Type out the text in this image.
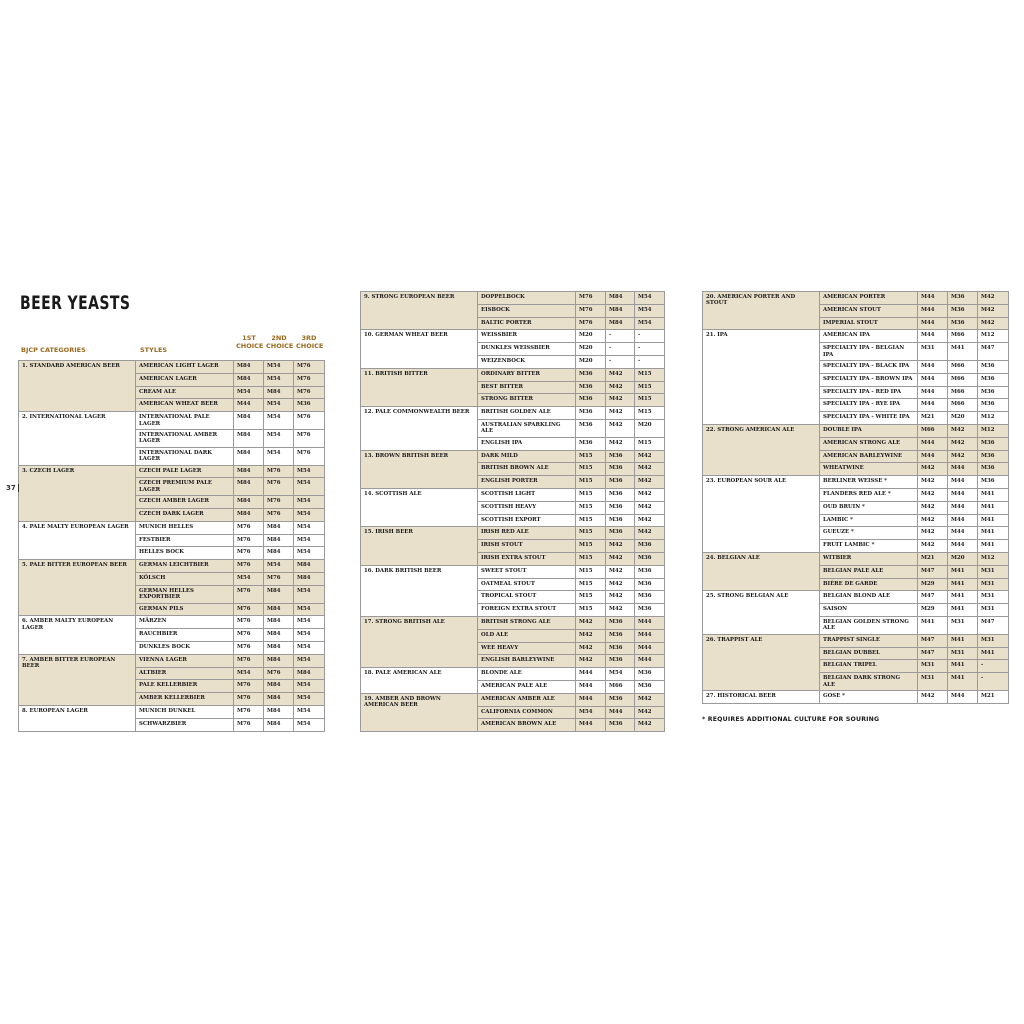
BEER YEASTS
BJCP CATEGORIES	STYLES
1ST CHOICE
2ND CHOICE
3RD CHOICE
1. STANDARD AMERICAN BEER	AMERICAN LIGHT LAGER	M84	M54	M76
	AMERICAN LAGER	M84	M54	M76
	CREAM ALE	M54	M84	M76
	AMERICAN WHEAT BEER	M44	M54	M36
2. INTERNATIONAL LAGER	INTERNATIONAL PALE LAGER	M84	M54	M76
	INTERNATIONAL AMBER LAGER	M84	M54	M76
	INTERNATIONAL DARK LAGER	M84	M54	M76
3. CZECH LAGER	CZECH PALE LAGER	M84	M76	M54
	CZECH PREMIUM PALE LAGER	M84	M76	M54
	CZECH AMBER LAGER	M84	M76	M54
	CZECH DARK LAGER	M84	M76	M54
4. PALE MALTY EUROPEAN LAGER	MUNICH HELLES	M76	M84	M54
	FESTBIER	M76	M84	M54
	HELLES BOCK	M76	M84	M54
5. PALE BITTER EUROPEAN BEER	GERMAN LEICHTBIER	M76	M54	M84
	KÖLSCH	M54	M76	M84
	GERMAN HELLES EXPORTBIER	M76	M84	M54
	GERMAN PILS	M76	M84	M54
6. AMBER MALTY EUROPEAN LAGER	MÄRZEN	M76	M84	M54
	RAUCHBIER	M76	M84	M54
	DUNKLES BOCK	M76	M84	M54
7. AMBER BITTER EUROPEAN BEER	VIENNA LAGER	M76	M84	M54
	ALTBIER	M54	M76	M84
	PALE KELLERBIER	M76	M84	M54
	AMBER KELLERBIER	M76	M84	M54
8. EUROPEAN LAGER	MUNICH DUNKEL	M76	M84	M54
	SCHWARZBIER	M76	M84	M54
37
9. STRONG EUROPEAN BEER	DOPPELBOCK	M76	M84	M54
	EISBOCK	M76	M84	M54
	BALTIC PORTER	M76	M84	M54
10. GERMAN WHEAT BEER	WEISSBIER	M20	-	-
	DUNKLES WEISSBIER	M20	-	-
	WEIZENBOCK	M20	-	-
11. BRITISH BITTER	ORDINARY BITTER	M36	M42	M15
	BEST BITTER	M36	M42	M15
	STRONG BITTER	M36	M42	M15
12. PALE COMMONWEALTH BEER	BRITISH GOLDEN ALE	M36	M42	M15
	AUSTRALIAN SPARKLING ALE	M36	M42	M20
	ENGLISH IPA	M36	M42	M15
13. BROWN BRITISH BEER	DARK MILD	M15	M36	M42
	BRITISH BROWN ALE	M15	M36	M42
	ENGLISH PORTER	M15	M36	M42
14. SCOTTISH ALE	SCOTTISH LIGHT	M15	M36	M42
	SCOTTISH HEAVY	M15	M36	M42
	SCOTTISH EXPORT	M15	M36	M42
15. IRISH BEER	IRISH RED ALE	M15	M36	M42
	IRISH STOUT	M15	M42	M36
	IRISH EXTRA STOUT	M15	M42	M36
16. DARK BRITISH BEER	SWEET STOUT	M15	M42	M36
	OATMEAL STOUT	M15	M42	M36
	TROPICAL STOUT	M15	M42	M36
	FOREIGN EXTRA STOUT	M15	M42	M36
17. STRONG BRITISH ALE	BRITISH STRONG ALE	M42	M36	M44
	OLD ALE	M42	M36	M44
	WEE HEAVY	M42	M36	M44
	ENGLISH BARLEYWINE	M42	M36	M44
18. PALE AMERICAN ALE	BLONDE ALE	M44	M54	M36
	AMERICAN PALE ALE	M44	M66	M36
19. AMBER AND BROWN AMERICAN BEER	AMERICAN AMBER ALE	M44	M36	M42
	CALIFORNIA COMMON	M54	M44	M42
	AMERICAN BROWN ALE	M44	M36	M42
20. AMERICAN PORTER AND STOUT	AMERICAN PORTER	M44	M36	M42
	AMERICAN STOUT	M44	M36	M42
	IMPERIAL STOUT	M44	M36	M42
21. IPA	AMERICAN IPA	M44	M66	M12
	SPECIALTY IPA - BELGIAN IPA	M31	M41	M47
	SPECIALTY IPA - BLACK IPA	M44	M66	M36
	SPECIALTY IPA - BROWN IPA	M44	M66	M36
	SPECIALTY IPA - RED IPA	M44	M66	M36
	SPECIALTY IPA - RYE IPA	M44	M66	M36
	SPECIALTY IPA - WHITE IPA	M21	M20	M12
22. STRONG AMERICAN ALE	DOUBLE IPA	M66	M42	M12
	AMERICAN STRONG ALE	M44	M42	M36
	AMERICAN BARLEYWINE	M44	M42	M36
	WHEATWINE	M42	M44	M36
23. EUROPEAN SOUR ALE	BERLINER WEISSE *	M42	M44	M36
	FLANDERS RED ALE *	M42	M44	M41
	OUD BRUIN *	M42	M44	M41
	LAMBIC *	M42	M44	M41
	GUEUZE *	M42	M44	M41
	FRUIT LAMBIC *	M42	M44	M41
24. BELGIAN ALE	WITBIER	M21	M20	M12
	BELGIAN PALE ALE	M47	M41	M31
	BIÈRE DE GARDE	M29	M41	M31
25. STRONG BELGIAN ALE	BELGIAN BLOND ALE	M47	M41	M31
	SAISON	M29	M41	M31
	BELGIAN GOLDEN STRONG ALE	M41	M31	M47
26. TRAPPIST ALE	TRAPPIST SINGLE	M47	M41	M31
	BELGIAN DUBBEL	M47	M31	M41
	BELGIAN TRIPEL	M31	M41	-
	BELGIAN DARK STRONG ALE	M31	M41	-
27. HISTORICAL BEER	GOSE *	M42	M44	M21
* REQUIRES ADDITIONAL CULTURE FOR SOURING
